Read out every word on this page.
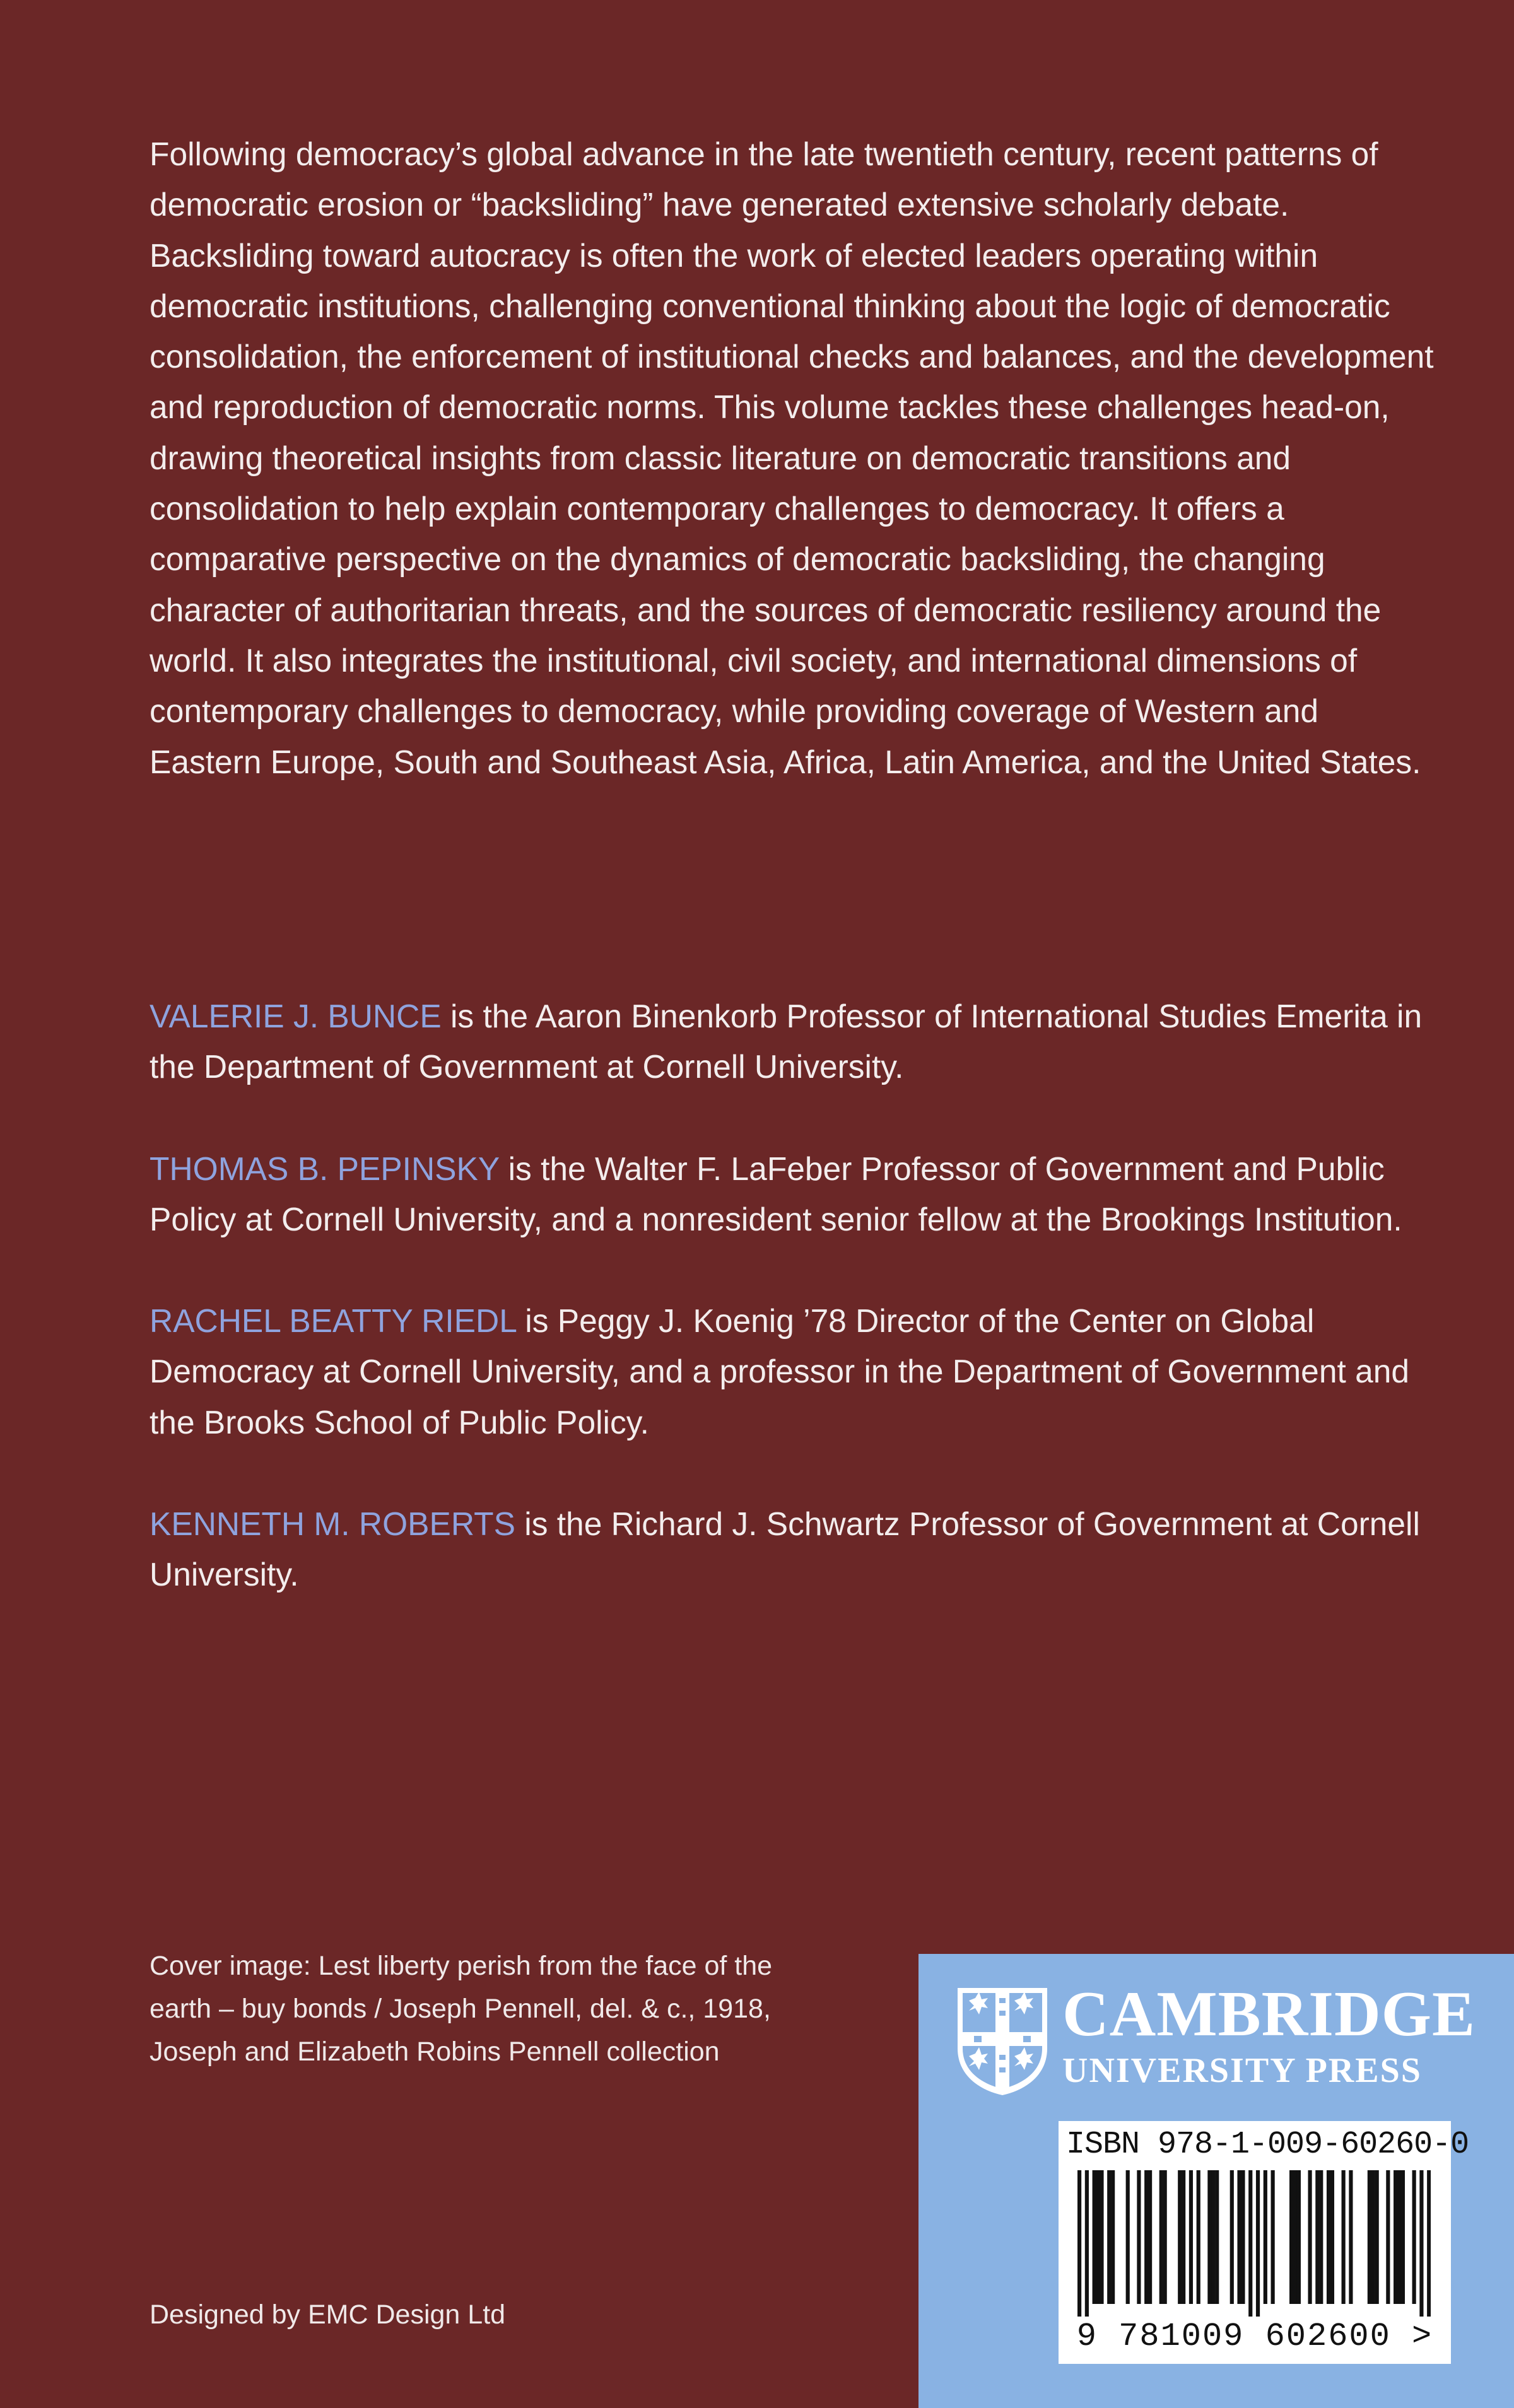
Following democracy’s global advance in the late twentieth century, recent patterns of democratic erosion or “backsliding” have generated extensive scholarly debate. Backsliding toward autocracy is often the work of elected leaders operating within democratic institutions, challenging conventional thinking about the logic of democratic consolidation, the enforcement of institutional checks and balances, and the development and reproduction of democratic norms. This volume tackles these challenges head-on, drawing theoretical insights from classic literature on democratic transitions and consolidation to help explain contemporary challenges to democracy. It offers a comparative perspective on the dynamics of democratic backsliding, the changing character of authoritarian threats, and the sources of democratic resiliency around the world. It also integrates the institutional, civil society, and international dimensions of contemporary challenges to democracy, while providing coverage of Western and Eastern Europe, South and Southeast Asia, Africa, Latin America, and the United States.

VALERIE J. BUNCE is the Aaron Binenkorb Professor of International Studies Emerita in the Department of Government at Cornell University.

THOMAS B. PEPINSKY is the Walter F. LaFeber Professor of Government and Public Policy at Cornell University, and a nonresident senior fellow at the Brookings Institution.

RACHEL BEATTY RIEDL is Peggy J. Koenig ’78 Director of the Center on Global Democracy at Cornell University, and a professor in the Department of Government and the Brooks School of Public Policy.

KENNETH M. ROBERTS is the Richard J. Schwartz Professor of Government at Cornell University.

Cover image: Lest liberty perish from the face of the earth – buy bonds / Joseph Pennell, del. & c., 1918, Joseph and Elizabeth Robins Pennell collection

Designed by EMC Design Ltd

CAMBRIDGE
UNIVERSITY PRESS
ISBN 978-1-009-60260-0
9 781009 602600 >
